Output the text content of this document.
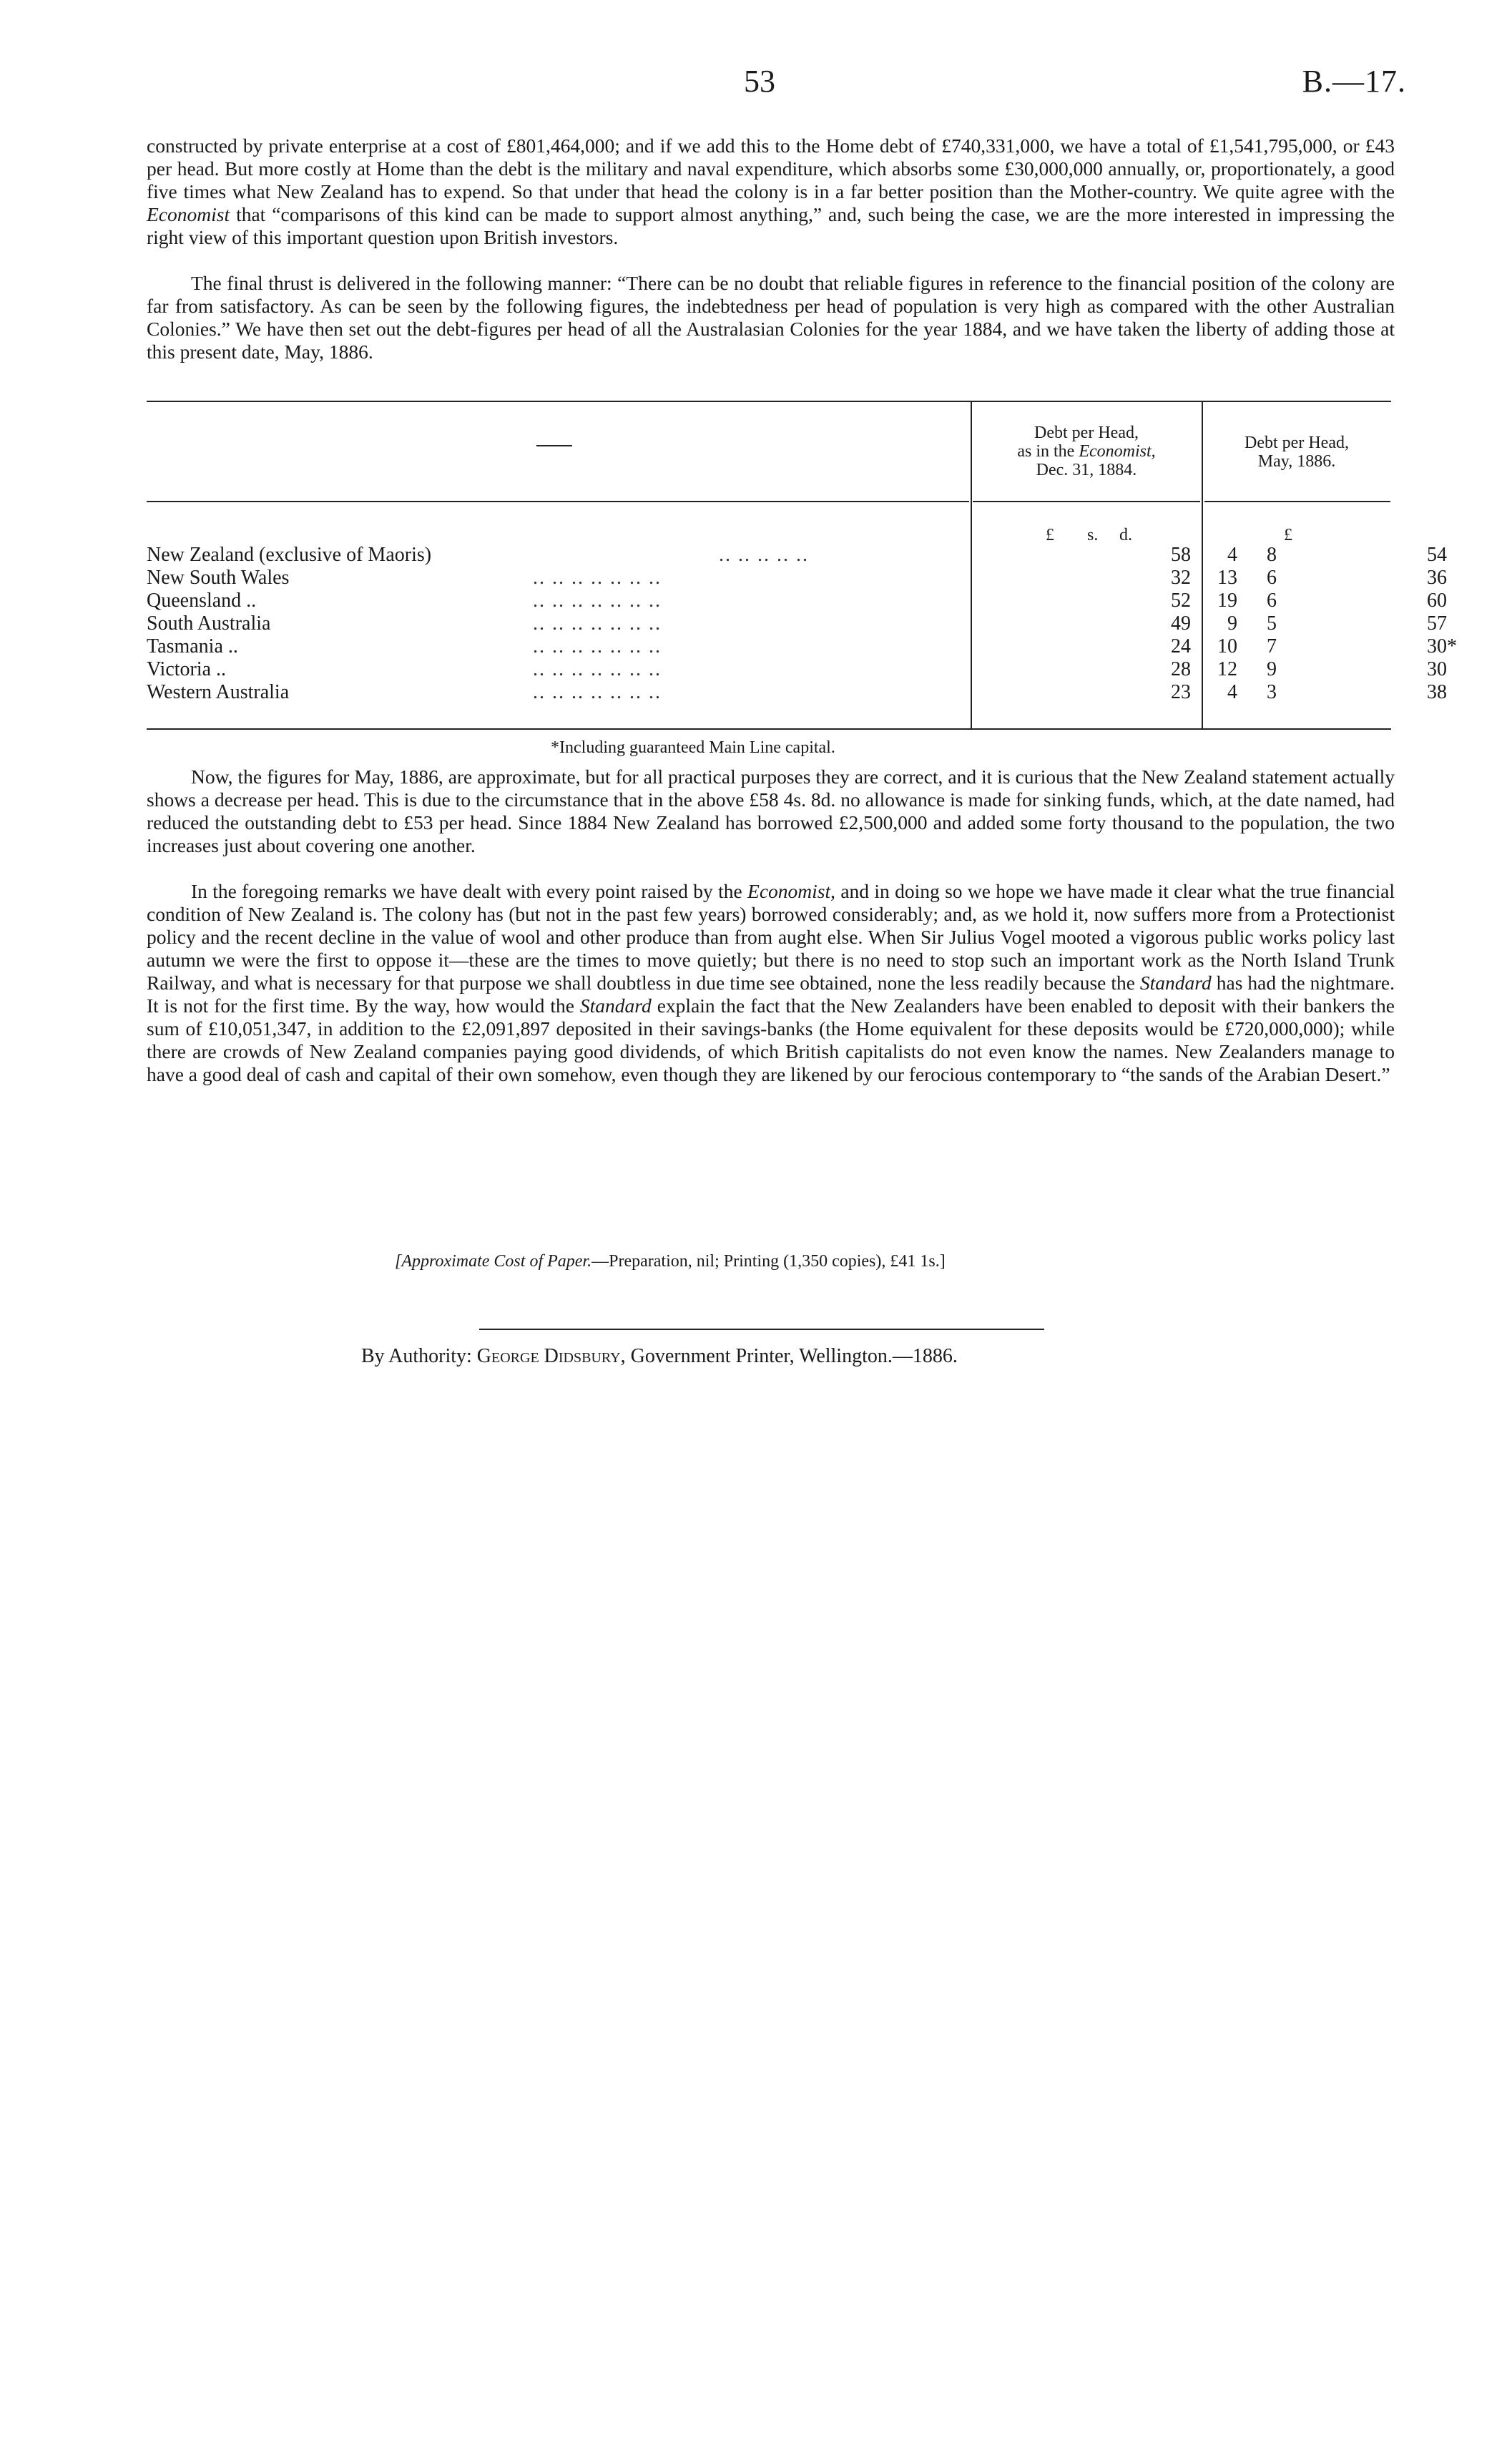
53	B.—17.

constructed by private enterprise at a cost of £801,464,000; and if we add this to the Home debt of £740,331,000, we have a total of £1,541,795,000, or £43 per head. But more costly at Home than the debt is the military and naval expenditure, which absorbs some £30,000,000 annually, or, proportionately, a good five times what New Zealand has to expend. So that under that head the colony is in a far better position than the Mother-country. We quite agree with the Economist that “comparisons of this kind can be made to support almost anything,” and, such being the case, we are the more interested in impressing the right view of this important question upon British investors.

The final thrust is delivered in the following manner: “There can be no doubt that reliable figures in reference to the financial position of the colony are far from satisfactory. As can be seen by the following figures, the indebtedness per head of population is very high as compared with the other Australian Colonies.” We have then set out the debt-figures per head of all the Australasian Colonies for the year 1884, and we have taken the liberty of adding those at this present date, May, 1886.

Debt per Head,
as in the Economist,
Dec. 31, 1884.
Debt per Head,
May, 1886.
£ s. d.	£
New Zealand (exclusive of Maoris)	.. .. .. .. ..	58	4	8	54
New South Wales	.. .. .. .. .. .. ..	32	13	6	36
Queensland ..	.. .. .. .. .. .. ..	52	19	6	60
South Australia	.. .. .. .. .. .. ..	49	9	5	57
Tasmania ..	.. .. .. .. .. .. ..	24	10	7	30*
Victoria ..	.. .. .. .. .. .. ..	28	12	9	30
Western Australia	.. .. .. .. .. .. ..	23	4	3	38
*Including guaranteed Main Line capital.

Now, the figures for May, 1886, are approximate, but for all practical purposes they are correct, and it is curious that the New Zealand statement actually shows a decrease per head. This is due to the circumstance that in the above £58 4s. 8d. no allowance is made for sinking funds, which, at the date named, had reduced the outstanding debt to £53 per head. Since 1884 New Zealand has borrowed £2,500,000 and added some forty thousand to the population, the two increases just about covering one another.

In the foregoing remarks we have dealt with every point raised by the Economist, and in doing so we hope we have made it clear what the true financial condition of New Zealand is. The colony has (but not in the past few years) borrowed considerably; and, as we hold it, now suffers more from a Protectionist policy and the recent decline in the value of wool and other produce than from aught else. When Sir Julius Vogel mooted a vigorous public works policy last autumn we were the first to oppose it—these are the times to move quietly; but there is no need to stop such an important work as the North Island Trunk Railway, and what is necessary for that purpose we shall doubtless in due time see obtained, none the less readily because the Standard has had the nightmare. It is not for the first time. By the way, how would the Standard explain the fact that the New Zealanders have been enabled to deposit with their bankers the sum of £10,051,347, in addition to the £2,091,897 deposited in their savings-banks (the Home equivalent for these deposits would be £720,000,000); while there are crowds of New Zealand companies paying good dividends, of which British capitalists do not even know the names. New Zealanders manage to have a good deal of cash and capital of their own somehow, even though they are likened by our ferocious contemporary to “the sands of the Arabian Desert.”

[Approximate Cost of Paper.—Preparation, nil; Printing (1,350 copies), £41 1s.]
By Authority: George Didsbury, Government Printer, Wellington.—1886.
